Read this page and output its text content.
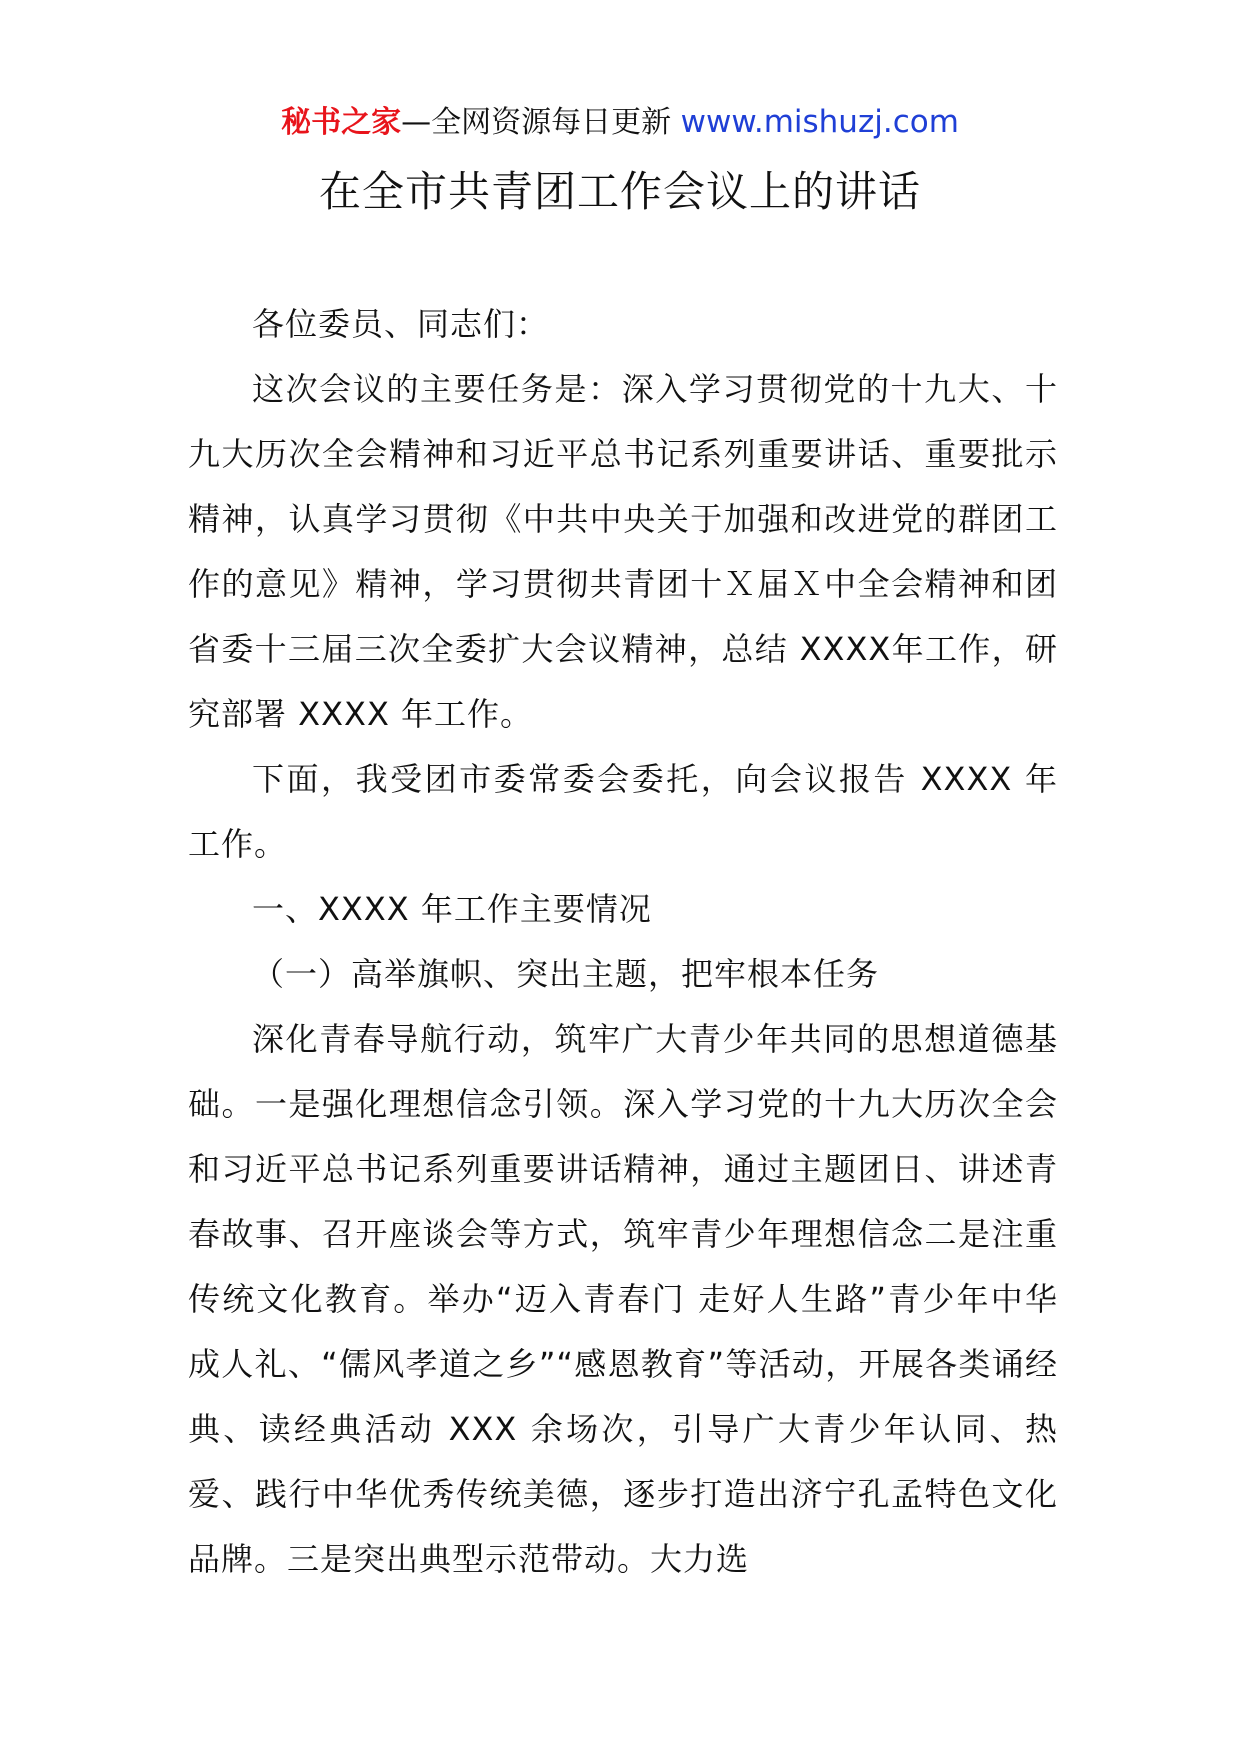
秘书之家—全网资源每日更新 www.mishuzj.com
在全市共青团工作会议上的讲话

各位委员、同志们：

这次会议的主要任务是：深入学习贯彻党的十九大、十九大历次全会精神和习近平总书记系列重要讲话、重要批示精神，认真学习贯彻《中共中央关于加强和改进党的群团工作的意见》精神，学习贯彻共青团十Ｘ届Ｘ中全会精神和团省委十三届三次全委扩大会议精神，总结 XXXX年工作，研究部署 XXXX 年工作。

下面，我受团市委常委会委托，向会议报告 XXXX 年工作。

一、XXXX 年工作主要情况

（一）高举旗帜、突出主题，把牢根本任务

深化青春导航行动，筑牢广大青少年共同的思想道德基础。一是强化理想信念引领。深入学习党的十九大历次全会和习近平总书记系列重要讲话精神，通过主题团日、讲述青春故事、召开座谈会等方式，筑牢青少年理想信念二是注重传统文化教育。举办“迈入青春门 走好人生路”青少年中华成人礼、“儒风孝道之乡”“感恩教育”等活动，开展各类诵经典、读经典活动 XXX 余场次，引导广大青少年认同、热爱、践行中华优秀传统美德，逐步打造出济宁孔孟特色文化品牌。三是突出典型示范带动。大力选
